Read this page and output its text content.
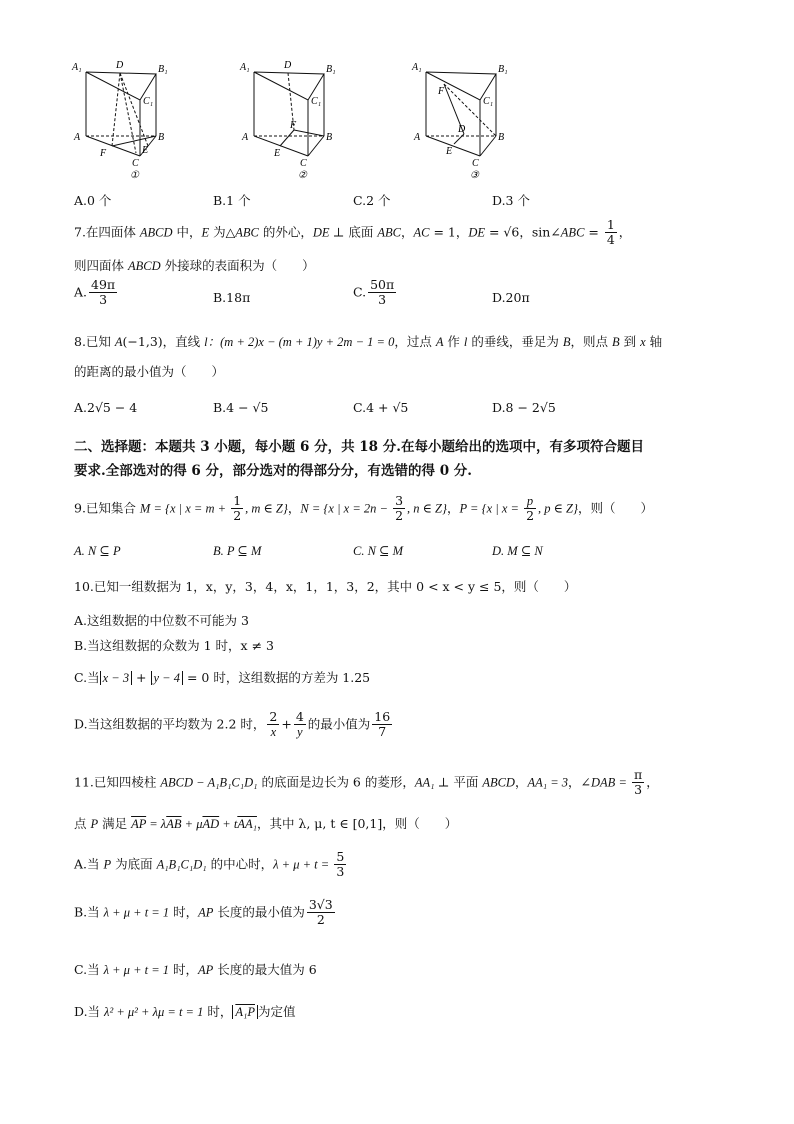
A₁	D	B₁
C₁
A	B
F	E
C
①
A₁	D	B₁
C₁
A	B
F
E
C
②
A₁	B₁
F
C₁
D
A	B
E
C
③
A.0 个	B.1 个	C.2 个	D.3 个
7.在四面体 ABCD 中，E 为△ABC 的外心，DE ⊥ 底面 ABC，AC = 1，DE = √6，sin∠ABC = $\frac{1}{4}$ ，
则四面体 ABCD 外接球的表面积为（　　）
A. $\frac{49\pi}{3}$	B.18π	C. $\frac{50\pi}{3}$	D.20π
8.已知 A(−1,3)，直线 l：(m + 2)x − (m + 1)y + 2m − 1 = 0，过点 A 作 l 的垂线，垂足为 B，则点 B 到 x 轴
的距离的最小值为（　　）
A.2√5 − 4	B.4 − √5	C.4 + √5	D.8 − 2√5
二、选择题：本题共 3 小题，每小题 6 分，共 18 分.在每小题给出的选项中，有多项符合题目
要求.全部选对的得 6 分，部分选对的得部分分，有选错的得 0 分.
9.已知集合 M = {x | $x = m + \frac{1}{2}$ , m ∈ Z}，N = {x | $x = 2n - \frac{3}{2}$ , n ∈ Z}，P = {x | $x = \frac{p}{2}$ , p ∈ Z}，则（　　）
A. N ⊆ P	B. P ⊆ M	C. N ⊆ M	D. M ⊆ N
10.已知一组数据为 1，x，y，3，4，x，1，1，3，2，其中 0 < x < y ≤ 5，则（　　）
A.这组数据的中位数不可能为 3
B.当这组数据的众数为 1 时，x ≠ 3
C.当 x − 3 + y − 4 = 0 时，这组数据的方差为 1.25
D.当这组数据的平均数为 2.2 时， $\frac{2}{x} + \frac{4}{y}$ 的最小值为 $\frac{16}{7}$
11.已知四棱柱 ABCD − A₁B₁C₁D₁ 的底面是边长为 6 的菱形，AA₁ ⊥ 平面 ABCD，AA₁ = 3，∠DAB = $\frac{\pi}{3}$ ，
点 P 满足 $\overline{AP} = \lambda\overline{AB} + \mu\overline{AD} + tAA_1$，其中 λ, μ, t ∈ [0,1]，则（　　）
A.当 P 为底面 A₁B₁C₁D₁ 的中心时，$\lambda + \mu + t = \frac{5}{3}$
B.当 λ + μ + t = 1 时，AP 长度的最小值为 $\frac{3√3}{2}$
C.当 λ + μ + t = 1 时，AP 长度的最大值为 6
D.当 λ² + μ² + λμ = t = 1 时， A₁P 为定值
